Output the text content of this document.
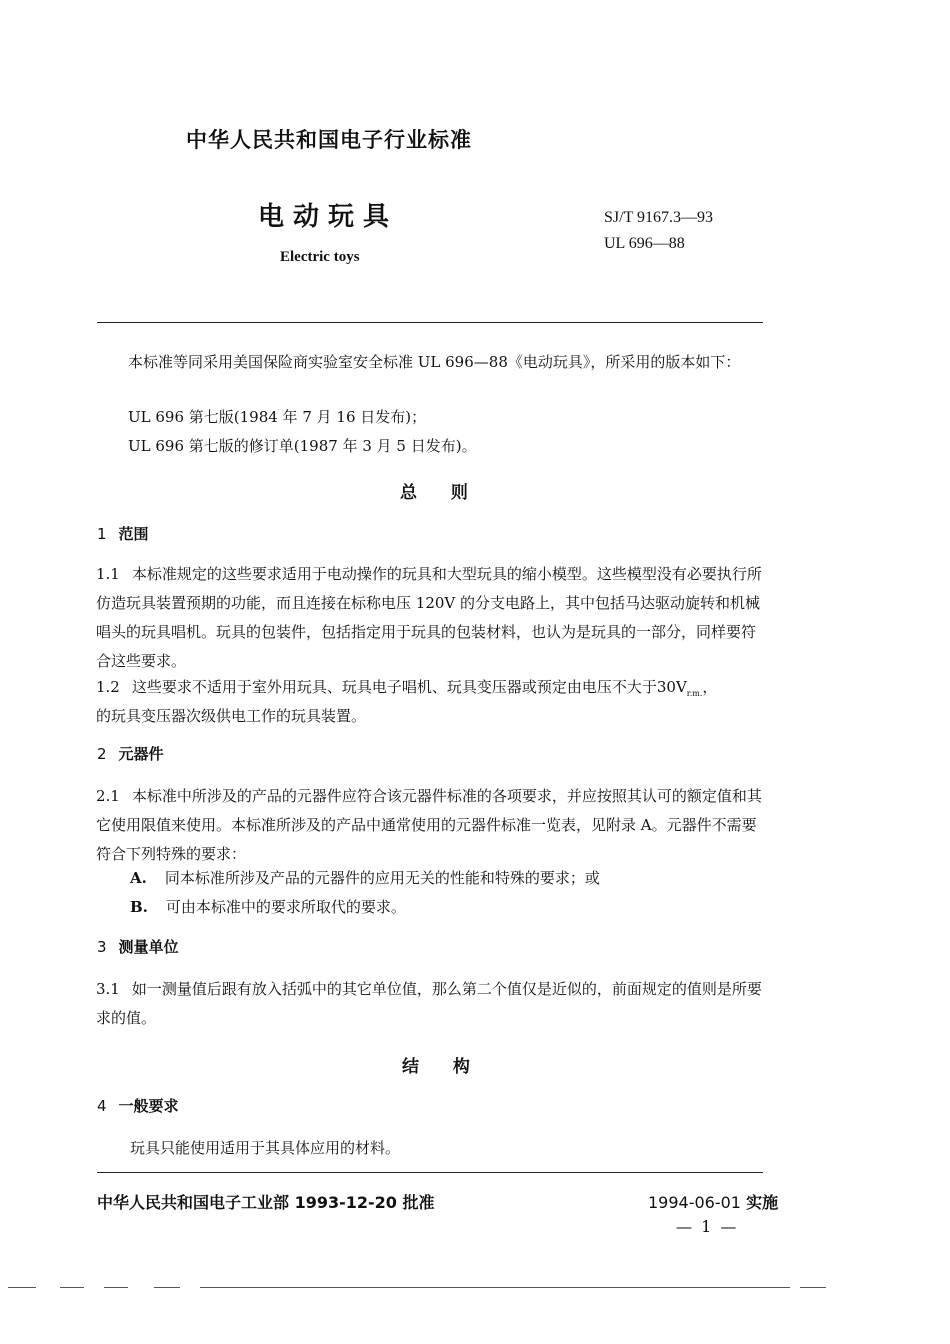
中华人民共和国电子行业标准
电动玩具
Electric toys
SJ/T 9167.3—93
UL 696—88
本标准等同采用美国保险商实验室安全标准 UL 696—88《电动玩具》，所采用的版本如下：
UL 696 第七版(1984 年 7 月 16 日发布)；
UL 696 第七版的修订单(1987 年 3 月 5 日发布)。
总 则
1 范围
1.1 本标准规定的这些要求适用于电动操作的玩具和大型玩具的缩小模型。这些模型没有必要执行所仿造玩具装置预期的功能，而且连接在标称电压 120V 的分支电路上，其中包括马达驱动旋转和机械唱头的玩具唱机。玩具的包装件，包括指定用于玩具的包装材料，也认为是玩具的一部分，同样要符合这些要求。
1.2 这些要求不适用于室外用玩具、玩具电子唱机、玩具变压器或预定由电压不大于$30V_{r.m.}$，
的玩具变压器次级供电工作的玩具装置。
2 元器件
2.1 本标准中所涉及的产品的元器件应符合该元器件标准的各项要求，并应按照其认可的额定值和其它使用限值来使用。本标准所涉及的产品中通常使用的元器件标准一览表，见附录 A。元器件不需要符合下列特殊的要求：
A. 同本标准所涉及产品的元器件的应用无关的性能和特殊的要求；或
B. 可由本标准中的要求所取代的要求。
3 测量单位
3.1 如一测量值后跟有放入括弧中的其它单位值，那么第二个值仅是近似的，前面规定的值则是所要求的值。
结 构
4 一般要求
玩具只能使用适用于其具体应用的材料。
中华人民共和国电子工业部 1993-12-20 批准	1994-06-01 实施
— 1 —
